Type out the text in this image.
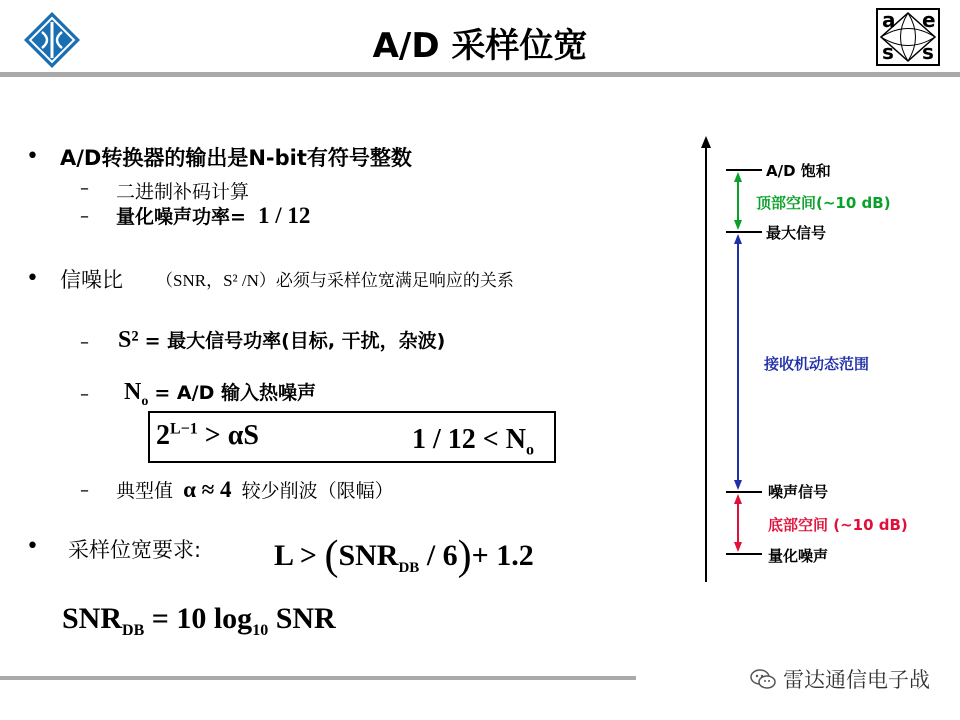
a e
s s
A/D 采样位宽
• A/D转换器的输出是N-bit有符号整数
– 二进制补码计算
– 量化噪声功率= 1 / 12
• 信噪比 （SNR，S² /N）必须与采样位宽满足响应的关系
– S² = 最大信号功率(目标, 干扰，杂波)
– $N_o = A/D$ 输入热噪声
$2^{L-1} > \alpha S$	$1 / 12 < N_o$
– 典型值 α ≈ 4 较少削波（限幅）
• 采样位宽要求: $L > (SNR_{DB} / 6)+ 1.2$
$SNR_{DB} = 10$ $\log_{10}$ SNR
A/D 饱和
顶部空间(~10 dB)
最大信号
接收机动态范围
噪声信号
底部空间 (~10 dB)
量化噪声
雷达通信电子战
